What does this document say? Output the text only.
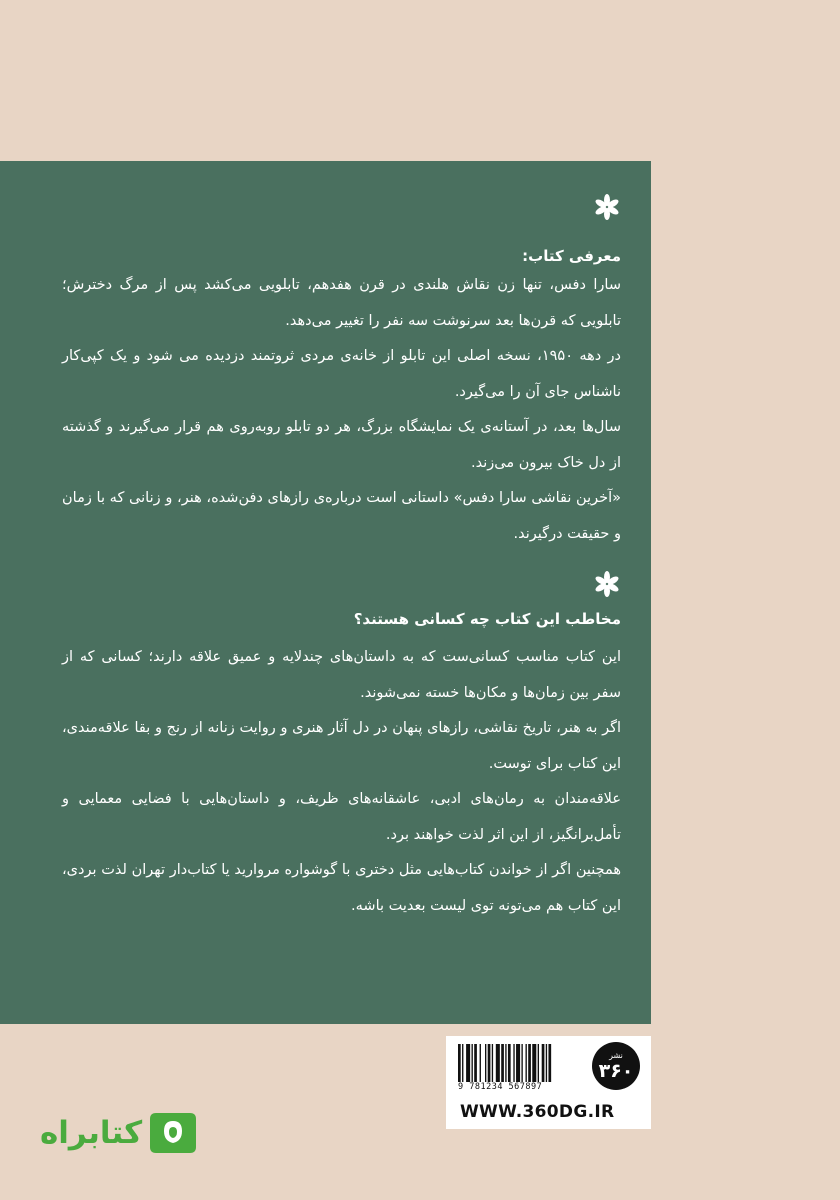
معرفی کتاب:
سارا دفس، تنها زن نقاش هلندی در قرن هفدهم، تابلویی می‌کشد پس از مرگ دخترش؛ تابلویی که قرن‌ها بعد سرنوشت سه نفر را تغییر می‌دهد.
در دهه ۱۹۵۰، نسخه اصلی این تابلو از خانه‌ی مردی ثروتمند دزدیده می شود و یک کپی‌کار ناشناس جای آن را می‌گیرد.
سال‌ها بعد، در آستانه‌ی یک نمایشگاه بزرگ، هر دو تابلو روبه‌روی هم قرار می‌گیرند و گذشته از دل خاک بیرون می‌زند.
«آخرین نقاشی سارا دفس» داستانی است درباره‌ی رازهای دفن‌شده، هنر، و زنانی که با زمان و حقیقت درگیرند.
مخاطب این کتاب چه کسانی هستند؟
این کتاب مناسب کسانی‌ست که به داستان‌های چندلایه و عمیق علاقه دارند؛ کسانی که از سفر بین زمان‌ها و مکان‌ها خسته نمی‌شوند.
اگر به هنر، تاریخ نقاشی، رازهای پنهان در دل آثار هنری و روایت زنانه از رنج و بقا علاقه‌مندی، این کتاب برای توست.
علاقه‌مندان به رمان‌های ادبی، عاشقانه‌های ظریف، و داستان‌هایی با فضایی معمایی و تأمل‌برانگیز، از این اثر لذت خواهند برد.
همچنین اگر از خواندن کتاب‌هایی مثل دختری با گوشواره مروارید یا کتاب‌دار تهران لذت بردی، این کتاب هم می‌تونه توی لیست بعدیت باشه.
9 781234 567897
نشر
۳۶۰
WWW.360DG.IR
کتابراه
